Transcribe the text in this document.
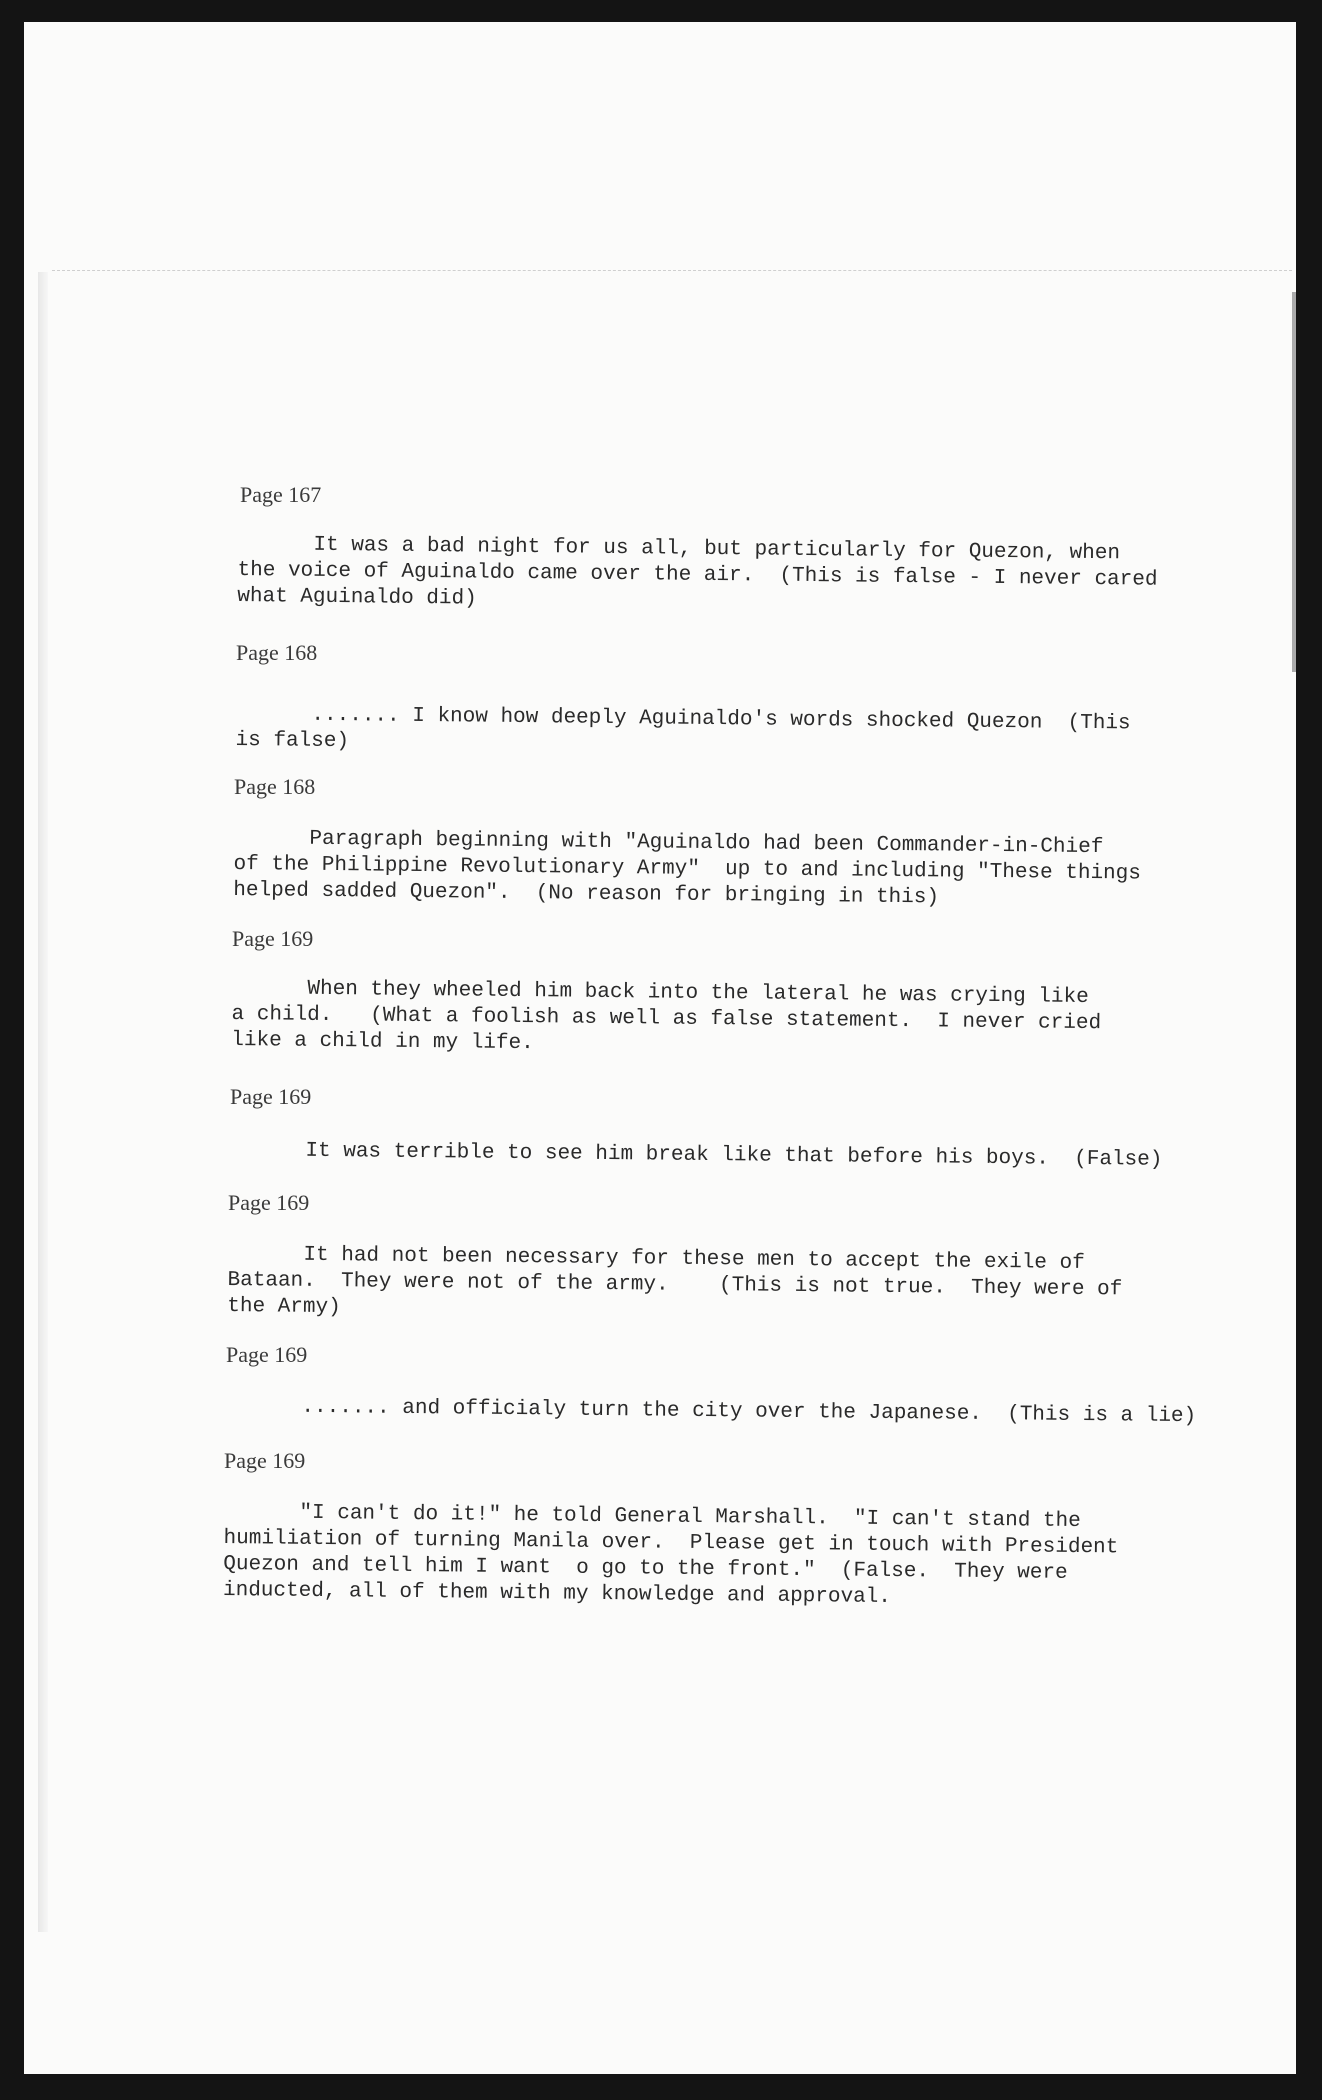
Page 167
It was a bad night for us all, but particularly for Quezon, when
the voice of Aguinaldo came over the air.  (This is false - I never cared
what Aguinaldo did)
Page 168
....... I know how deeply Aguinaldo's words shocked Quezon  (This
is false)
Page 168
Paragraph beginning with "Aguinaldo had been Commander-in-Chief
of the Philippine Revolutionary Army"  up to and including "These things
helped sadded Quezon".  (No reason for bringing in this)
Page 169
When they wheeled him back into the lateral he was crying like
a child.   (What a foolish as well as false statement.  I never cried
like a child in my life.
Page 169
It was terrible to see him break like that before his boys.  (False)
Page 169
It had not been necessary for these men to accept the exile of
Bataan.  They were not of the army.    (This is not true.  They were of
the Army)
Page 169
....... and officialy turn the city over the Japanese.  (This is a lie)
Page 169
"I can't do it!" he told General Marshall.  "I can't stand the
humiliation of turning Manila over.  Please get in touch with President
Quezon and tell him I want  o go to the front."  (False.  They were
inducted, all of them with my knowledge and approval.
